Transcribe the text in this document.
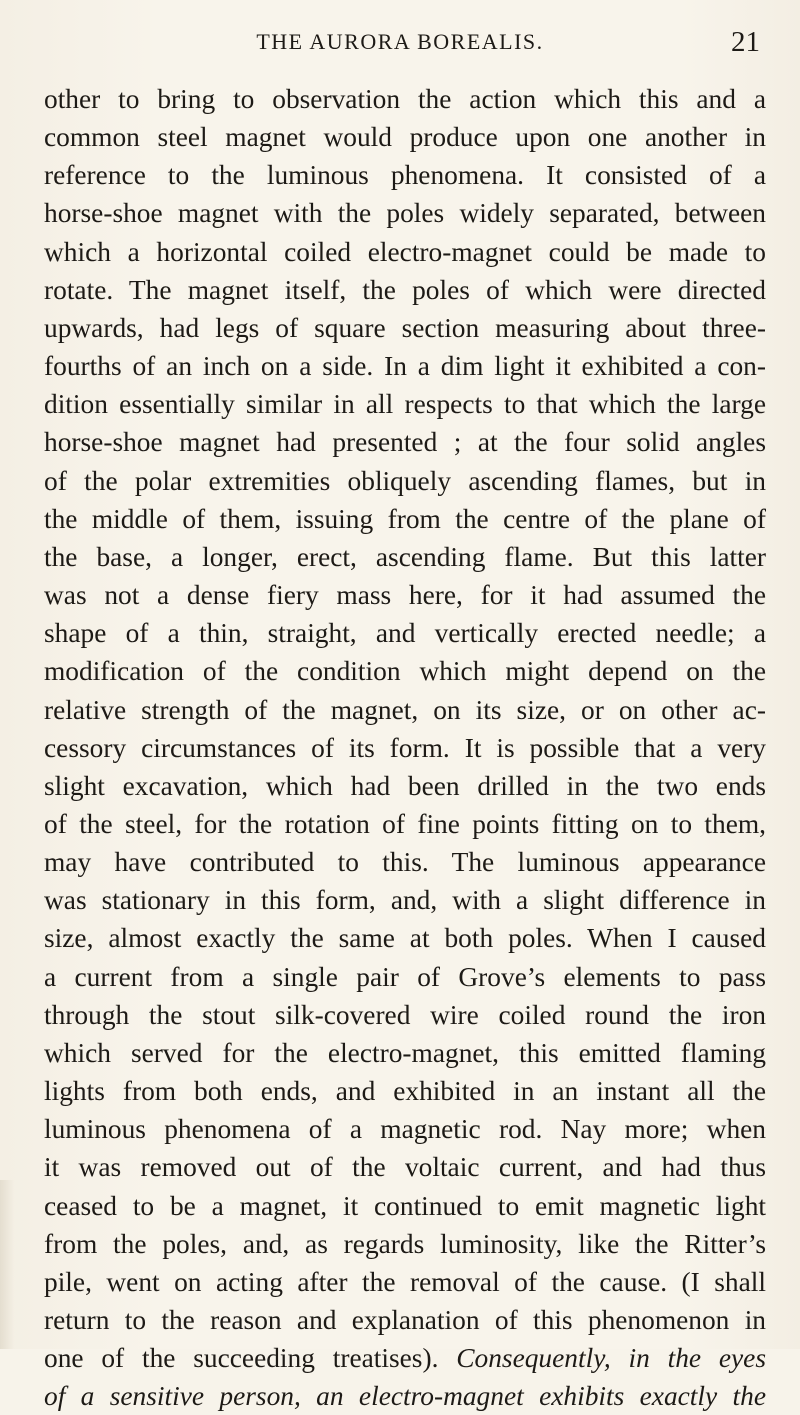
THE AURORA BOREALIS.	21
other to bring to observation the action which this and a
common steel magnet would produce upon one another in
reference to the luminous phenomena. It consisted of a
horse-shoe magnet with the poles widely separated, between
which a horizontal coiled electro-magnet could be made to
rotate. The magnet itself, the poles of which were directed
upwards, had legs of square section measuring about three-
fourths of an inch on a side. In a dim light it exhibited a con-
dition essentially similar in all respects to that which the large
horse-shoe magnet had presented ; at the four solid angles
of the polar extremities obliquely ascending flames, but in
the middle of them, issuing from the centre of the plane of
the base, a longer, erect, ascending flame. But this latter
was not a dense fiery mass here, for it had assumed the
shape of a thin, straight, and vertically erected needle; a
modification of the condition which might depend on the
relative strength of the magnet, on its size, or on other ac-
cessory circumstances of its form. It is possible that a very
slight excavation, which had been drilled in the two ends
of the steel, for the rotation of fine points fitting on to them,
may have contributed to this. The luminous appearance
was stationary in this form, and, with a slight difference in
size, almost exactly the same at both poles. When I caused
a current from a single pair of Grove’s elements to pass
through the stout silk-covered wire coiled round the iron
which served for the electro-magnet, this emitted flaming
lights from both ends, and exhibited in an instant all the
luminous phenomena of a magnetic rod. Nay more; when
it was removed out of the voltaic current, and had thus
ceased to be a magnet, it continued to emit magnetic light
from the poles, and, as regards luminosity, like the Ritter’s
pile, went on acting after the removal of the cause. (I shall
return to the reason and explanation of this phenomenon in
one of the succeeding treatises). Consequently, in the eyes
of a sensitive person, an electro-magnet exhibits exactly the
